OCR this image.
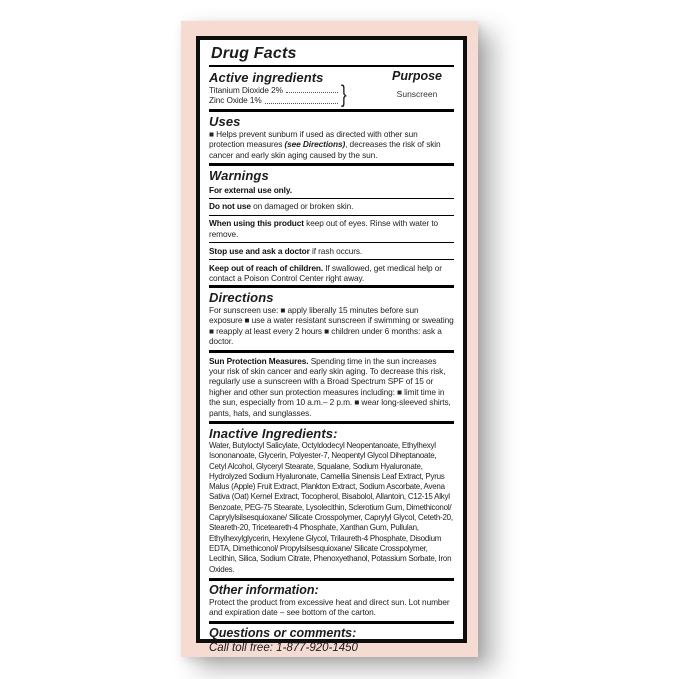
Drug Facts
Active ingredients
Titanium Dioxide 2%
Zinc Oxide 1%	}
Purpose
Sunscreen
Uses
■ Helps prevent sunburn if used as directed with other sun protection measures (see Directions), decreases the risk of skin cancer and early skin aging caused by the sun.
Warnings
For external use only.
Do not use on damaged or broken skin.
When using this product keep out of eyes. Rinse with water to remove.
Stop use and ask a doctor if rash occurs.
Keep out of reach of children. If swallowed, get medical help or contact a Poison Control Center right away.
Directions
For sunscreen use: ■ apply liberally 15 minutes before sun exposure ■ use a water resistant sunscreen if swimming or sweating ■ reapply at least every 2 hours ■ children under 6 months: ask a doctor.
Sun Protection Measures. Spending time in the sun increases your risk of skin cancer and early skin aging. To decrease this risk, regularly use a sunscreen with a Broad Spectrum SPF of 15 or higher and other sun protection measures including: ■ limit time in the sun, especially from 10 a.m.– 2 p.m. ■ wear long-sleeved shirts, pants, hats, and sunglasses.
Inactive Ingredients:
Water, Butyloctyl Salicylate, Octyldodecyl Neopentanoate, Ethylhexyl Isononanoate, Glycerin, Polyester-7, Neopentyl Glycol Diheptanoate, Cetyl Alcohol, Glyceryl Stearate, Squalane, Sodium Hyaluronate, Hydrolyzed Sodium Hyaluronate, Camellia Sinensis Leaf Extract, Pyrus Malus (Apple) Fruit Extract, Plankton Extract, Sodium Ascorbate, Avena Sativa (Oat) Kernel Extract, Tocopherol, Bisabolol, Allantoin, C12-15 Alkyl Benzoate, PEG-75 Stearate, Lysolecithin, Sclerotium Gum, Dimethiconol/ Caprylylsilsesquioxane/ Silicate Crosspolymer, Caprylyl Glycol, Ceteth-20, Steareth-20, Triceteareth-4 Phosphate, Xanthan Gum, Pullulan, Ethylhexylglycerin, Hexylene Glycol, Trilaureth-4 Phosphate, Disodium EDTA, Dimethiconol/ Propylsilsesquioxane/ Silicate Crosspolymer, Lecithin, Silica, Sodium Citrate, Phenoxyethanol, Potassium Sorbate, Iron Oxides.
Other information:
Protect the product from excessive heat and direct sun. Lot number and expiration date – see bottom of the carton.
Questions or comments:
Call toll free: 1-877-920-1450
